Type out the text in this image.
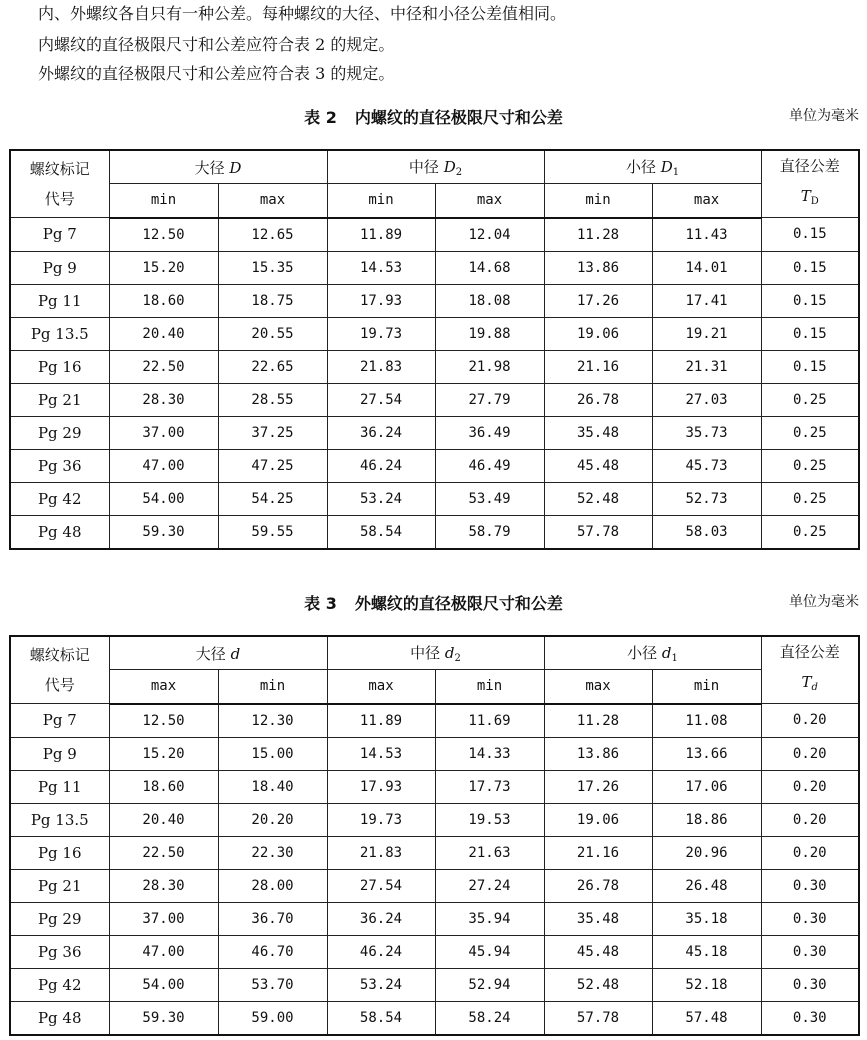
内、外螺纹各自只有一种公差。每种螺纹的大径、中径和小径公差值相同。
内螺纹的直径极限尺寸和公差应符合表 2 的规定。
外螺纹的直径极限尺寸和公差应符合表 3 的规定。
表 2 内螺纹的直径极限尺寸和公差	单位为毫米
螺纹标记
代号	大径 D		中径 $D_2$		小径 $D_1$		直径公差
$T_D$

	min	max	min	max	min	max	
Pg 7	12.50	12.65	11.89	12.04	11.28	11.43	0.15
Pg 9	15.20	15.35	14.53	14.68	13.86	14.01	0.15
Pg 11	18.60	18.75	17.93	18.08	17.26	17.41	0.15
Pg 13.5	20.40	20.55	19.73	19.88	19.06	19.21	0.15
Pg 16	22.50	22.65	21.83	21.98	21.16	21.31	0.15
Pg 21	28.30	28.55	27.54	27.79	26.78	27.03	0.25
Pg 29	37.00	37.25	36.24	36.49	35.48	35.73	0.25
Pg 36	47.00	47.25	46.24	46.49	45.48	45.73	0.25
Pg 42	54.00	54.25	53.24	53.49	52.48	52.73	0.25
Pg 48	59.30	59.55	58.54	58.79	57.78	58.03	0.25
表 3 外螺纹的直径极限尺寸和公差	单位为毫米
螺纹标记
代号	大径 d		中径 $d_2$		小径 $d_1$		直径公差
$T_d$

	max	min	max	min	max	min	
Pg 7	12.50	12.30	11.89	11.69	11.28	11.08	0.20
Pg 9	15.20	15.00	14.53	14.33	13.86	13.66	0.20
Pg 11	18.60	18.40	17.93	17.73	17.26	17.06	0.20
Pg 13.5	20.40	20.20	19.73	19.53	19.06	18.86	0.20
Pg 16	22.50	22.30	21.83	21.63	21.16	20.96	0.20
Pg 21	28.30	28.00	27.54	27.24	26.78	26.48	0.30
Pg 29	37.00	36.70	36.24	35.94	35.48	35.18	0.30
Pg 36	47.00	46.70	46.24	45.94	45.48	45.18	0.30
Pg 42	54.00	53.70	53.24	52.94	52.48	52.18	0.30
Pg 48	59.30	59.00	58.54	58.24	57.78	57.48	0.30
